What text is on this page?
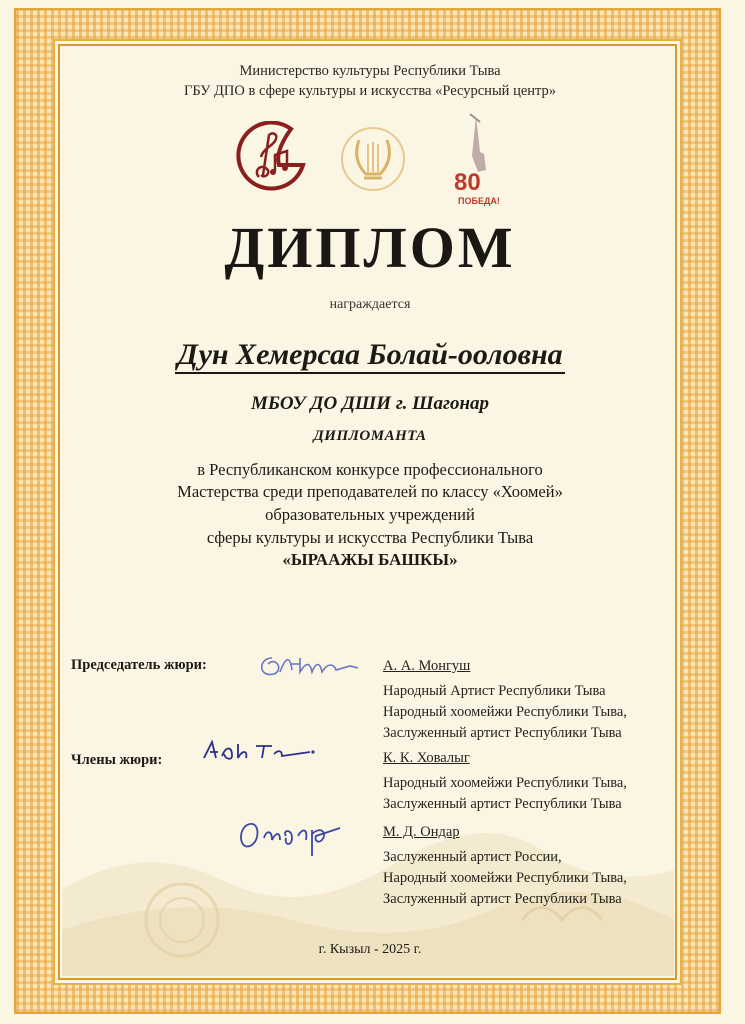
Министерство культуры Республики Тыва
ГБУ ДПО в сфере культуры и искусства «Ресурсный центр»
80
ПОБЕДА!
ДИПЛОМ
награждается
Дун Хемерсаа Болай-ооловна
МБОУ ДО ДШИ г. Шагонар
ДИПЛОМАНТА
в Республиканском конкурсе профессионального
Мастерства среди преподавателей по классу «Хоомей»
образовательных учреждений
сферы культуры и искусства Республики Тыва
«ЫРААЖЫ БАШКЫ»
Председатель жюри:
Члены жюри:
А. А. Монгуш
Народный Артист Республики Тыва
Народный хоомейжи Республики Тыва,
Заслуженный артист Республики Тыва
К. К. Ховалыг
Народный хоомейжи Республики Тыва,
Заслуженный артист Республики Тыва
М. Д. Ондар
Заслуженный артист России,
Народный хоомейжи Республики Тыва,
Заслуженный артист Республики Тыва
г. Кызыл - 2025 г.
